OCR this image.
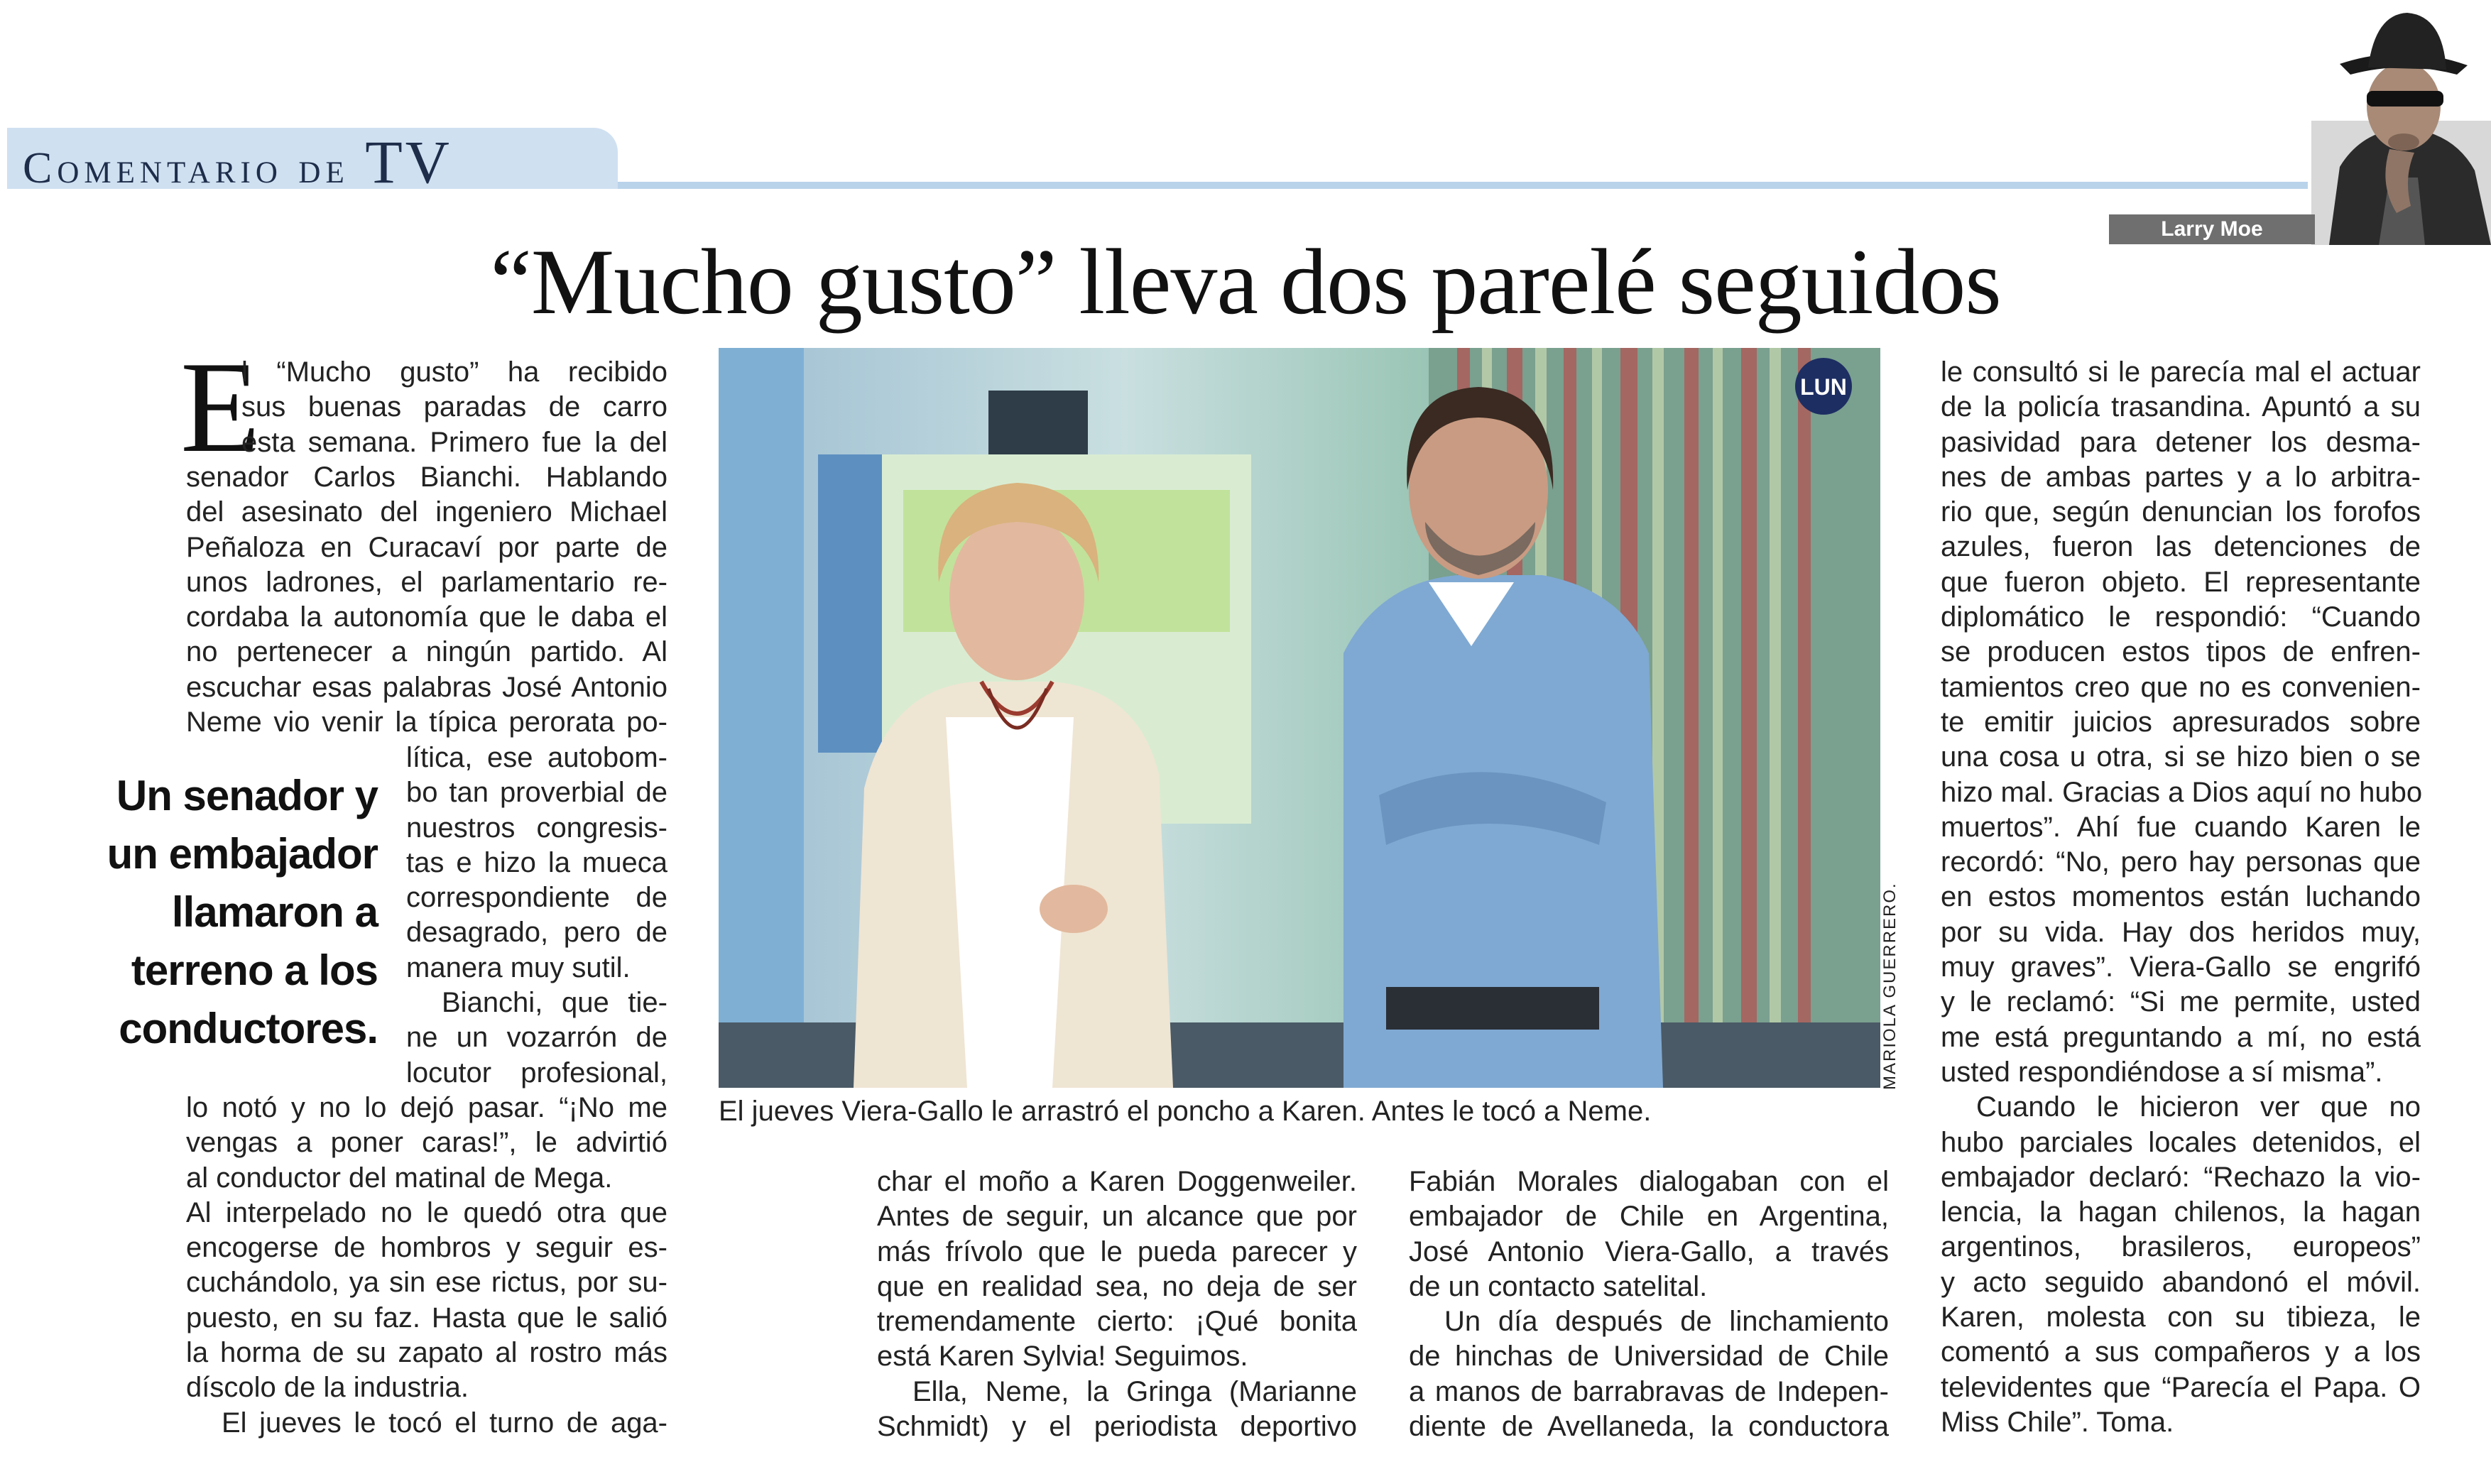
Comentario de TV
Larry Moe
“Mucho gusto” lleva dos parelé seguidos
E
l “Mucho gusto” ha recibido
sus buenas paradas de carro
esta semana. Primero fue la del
senador Carlos Bianchi. Hablando
del asesinato del ingeniero Michael
Peñaloza en Curacaví por parte de
unos ladrones, el parlamentario re-
cordaba la autonomía que le daba el
no pertenecer a ningún partido. Al
escuchar esas palabras José Antonio
Neme vio venir la típica perorata po-
lítica, ese autobom-
bo tan proverbial de
nuestros congresis-
tas e hizo la mueca
correspondiente de
desagrado, pero de
manera muy sutil.
Bianchi, que tie-
ne un vozarrón de
locutor profesional,
lo notó y no lo dejó pasar. “¡No me
vengas a poner caras!”, le advirtió
al conductor del matinal de Mega.
Al interpelado no le quedó otra que
encogerse de hombros y seguir es-
cuchándolo, ya sin ese rictus, por su-
puesto, en su faz. Hasta que le salió
la horma de su zapato al rostro más
díscolo de la industria.
El jueves le tocó el turno de aga-
Un senador y
un embajador
llamaron a
terreno a los
conductores.
LUN
MARIOLA GUERRERO.
El jueves Viera-Gallo le arrastró el poncho a Karen. Antes le tocó a Neme.
char el moño a Karen Doggenweiler.
Antes de seguir, un alcance que por
más frívolo que le pueda parecer y
que en realidad sea, no deja de ser
tremendamente cierto: ¡Qué bonita
está Karen Sylvia! Seguimos.
Ella, Neme, la Gringa (Marianne
Schmidt) y el periodista deportivo
Fabián Morales dialogaban con el
embajador de Chile en Argentina,
José Antonio Viera-Gallo, a través
de un contacto satelital.
Un día después de linchamiento
de hinchas de Universidad de Chile
a manos de barrabravas de Indepen-
diente de Avellaneda, la conductora
le consultó si le parecía mal el actuar
de la policía trasandina. Apuntó a su
pasividad para detener los desma-
nes de ambas partes y a lo arbitra-
rio que, según denuncian los forofos
azules, fueron las detenciones de
que fueron objeto. El representante
diplomático le respondió: “Cuando
se producen estos tipos de enfren-
tamientos creo que no es convenien-
te emitir juicios apresurados sobre
una cosa u otra, si se hizo bien o se
hizo mal. Gracias a Dios aquí no hubo
muertos”. Ahí fue cuando Karen le
recordó: “No, pero hay personas que
en estos momentos están luchando
por su vida. Hay dos heridos muy,
muy graves”. Viera-Gallo se engrifó
y le reclamó: “Si me permite, usted
me está preguntando a mí, no está
usted respondiéndose a sí misma”.
Cuando le hicieron ver que no
hubo parciales locales detenidos, el
embajador declaró: “Rechazo la vio-
lencia, la hagan chilenos, la hagan
argentinos, brasileros, europeos”
y acto seguido abandonó el móvil.
Karen, molesta con su tibieza, le
comentó a sus compañeros y a los
televidentes que “Parecía el Papa. O
Miss Chile”. Toma.
